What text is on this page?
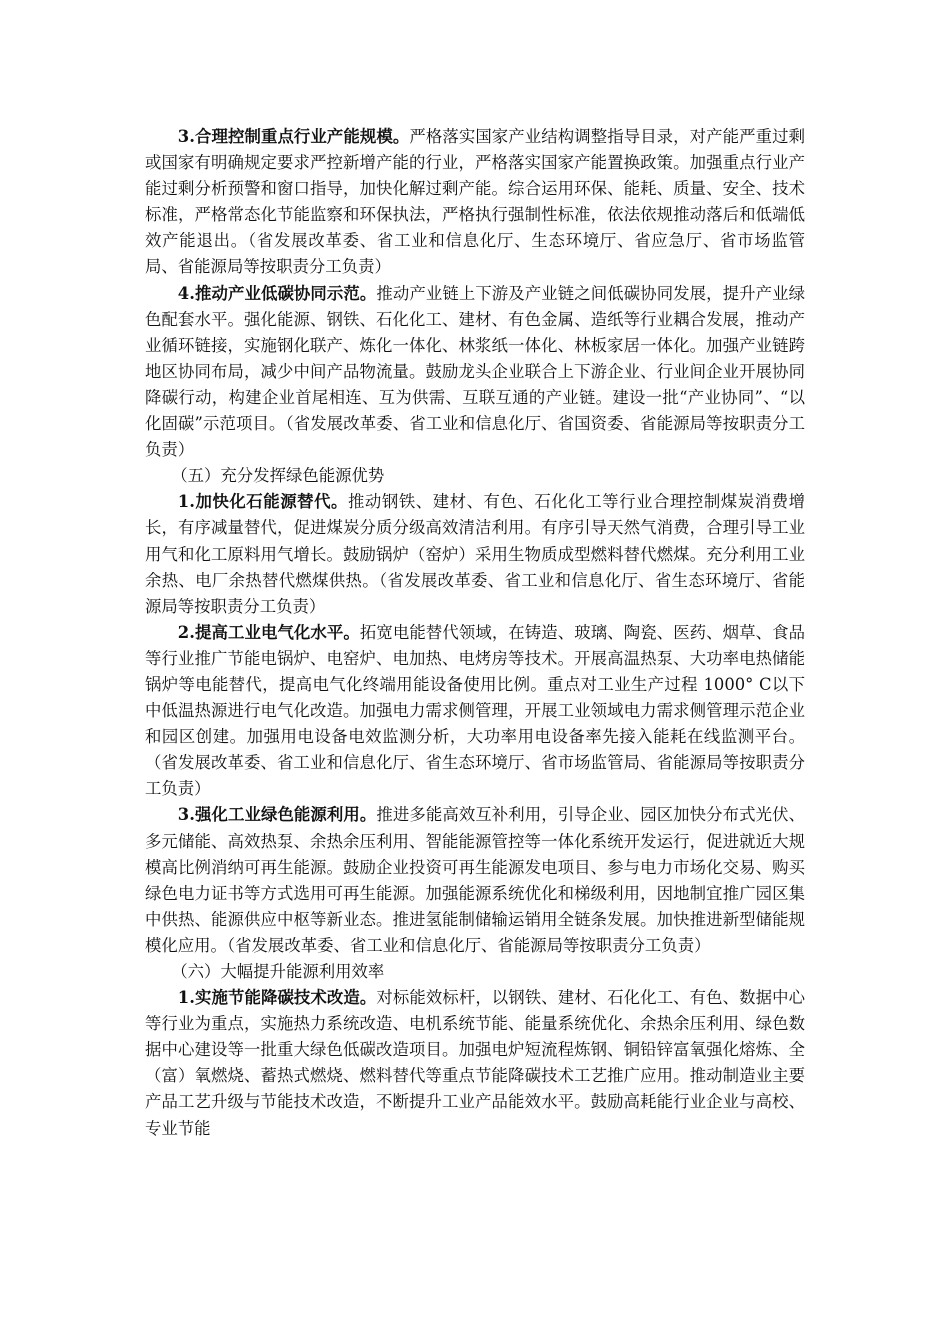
3.合理控制重点行业产能规模。严格落实国家产业结构调整指导目录，对产能严重过剩或国家有明确规定要求严控新增产能的行业，严格落实国家产能置换政策。加强重点行业产能过剩分析预警和窗口指导，加快化解过剩产能。综合运用环保、能耗、质量、安全、技术标准，严格常态化节能监察和环保执法，严格执行强制性标准，依法依规推动落后和低端低效产能退出。（省发展改革委、省工业和信息化厅、生态环境厅、省应急厅、省市场监管局、省能源局等按职责分工负责）

4.推动产业低碳协同示范。推动产业链上下游及产业链之间低碳协同发展，提升产业绿色配套水平。强化能源、钢铁、石化化工、建材、有色金属、造纸等行业耦合发展，推动产业循环链接，实施钢化联产、炼化一体化、林浆纸一体化、林板家居一体化。加强产业链跨地区协同布局，减少中间产品物流量。鼓励龙头企业联合上下游企业、行业间企业开展协同降碳行动，构建企业首尾相连、互为供需、互联互通的产业链。建设一批“产业协同”、“以化固碳”示范项目。（省发展改革委、省工业和信息化厅、省国资委、省能源局等按职责分工负责）

（五）充分发挥绿色能源优势

1.加快化石能源替代。推动钢铁、建材、有色、石化化工等行业合理控制煤炭消费增长，有序减量替代，促进煤炭分质分级高效清洁利用。有序引导天然气消费，合理引导工业用气和化工原料用气增长。鼓励锅炉（窑炉）采用生物质成型燃料替代燃煤。充分利用工业余热、电厂余热替代燃煤供热。（省发展改革委、省工业和信息化厅、省生态环境厅、省能源局等按职责分工负责）

2.提高工业电气化水平。拓宽电能替代领域，在铸造、玻璃、陶瓷、医药、烟草、食品等行业推广节能电锅炉、电窑炉、电加热、电烤房等技术。开展高温热泵、大功率电热储能锅炉等电能替代，提高电气化终端用能设备使用比例。重点对工业生产过程 1000° C以下中低温热源进行电气化改造。加强电力需求侧管理，开展工业领域电力需求侧管理示范企业和园区创建。加强用电设备电效监测分析，大功率用电设备率先接入能耗在线监测平台。（省发展改革委、省工业和信息化厅、省生态环境厅、省市场监管局、省能源局等按职责分工负责）

3.强化工业绿色能源利用。推进多能高效互补利用，引导企业、园区加快分布式光伏、多元储能、高效热泵、余热余压利用、智能能源管控等一体化系统开发运行，促进就近大规模高比例消纳可再生能源。鼓励企业投资可再生能源发电项目、参与电力市场化交易、购买绿色电力证书等方式选用可再生能源。加强能源系统优化和梯级利用，因地制宜推广园区集中供热、能源供应中枢等新业态。推进氢能制储输运销用全链条发展。加快推进新型储能规模化应用。（省发展改革委、省工业和信息化厅、省能源局等按职责分工负责）

（六）大幅提升能源利用效率

1.实施节能降碳技术改造。对标能效标杆，以钢铁、建材、石化化工、有色、数据中心等行业为重点，实施热力系统改造、电机系统节能、能量系统优化、余热余压利用、绿色数据中心建设等一批重大绿色低碳改造项目。加强电炉短流程炼钢、铜铅锌富氧强化熔炼、全（富）氧燃烧、蓄热式燃烧、燃料替代等重点节能降碳技术工艺推广应用。推动制造业主要产品工艺升级与节能技术改造，不断提升工业产品能效水平。鼓励高耗能行业企业与高校、专业节能
